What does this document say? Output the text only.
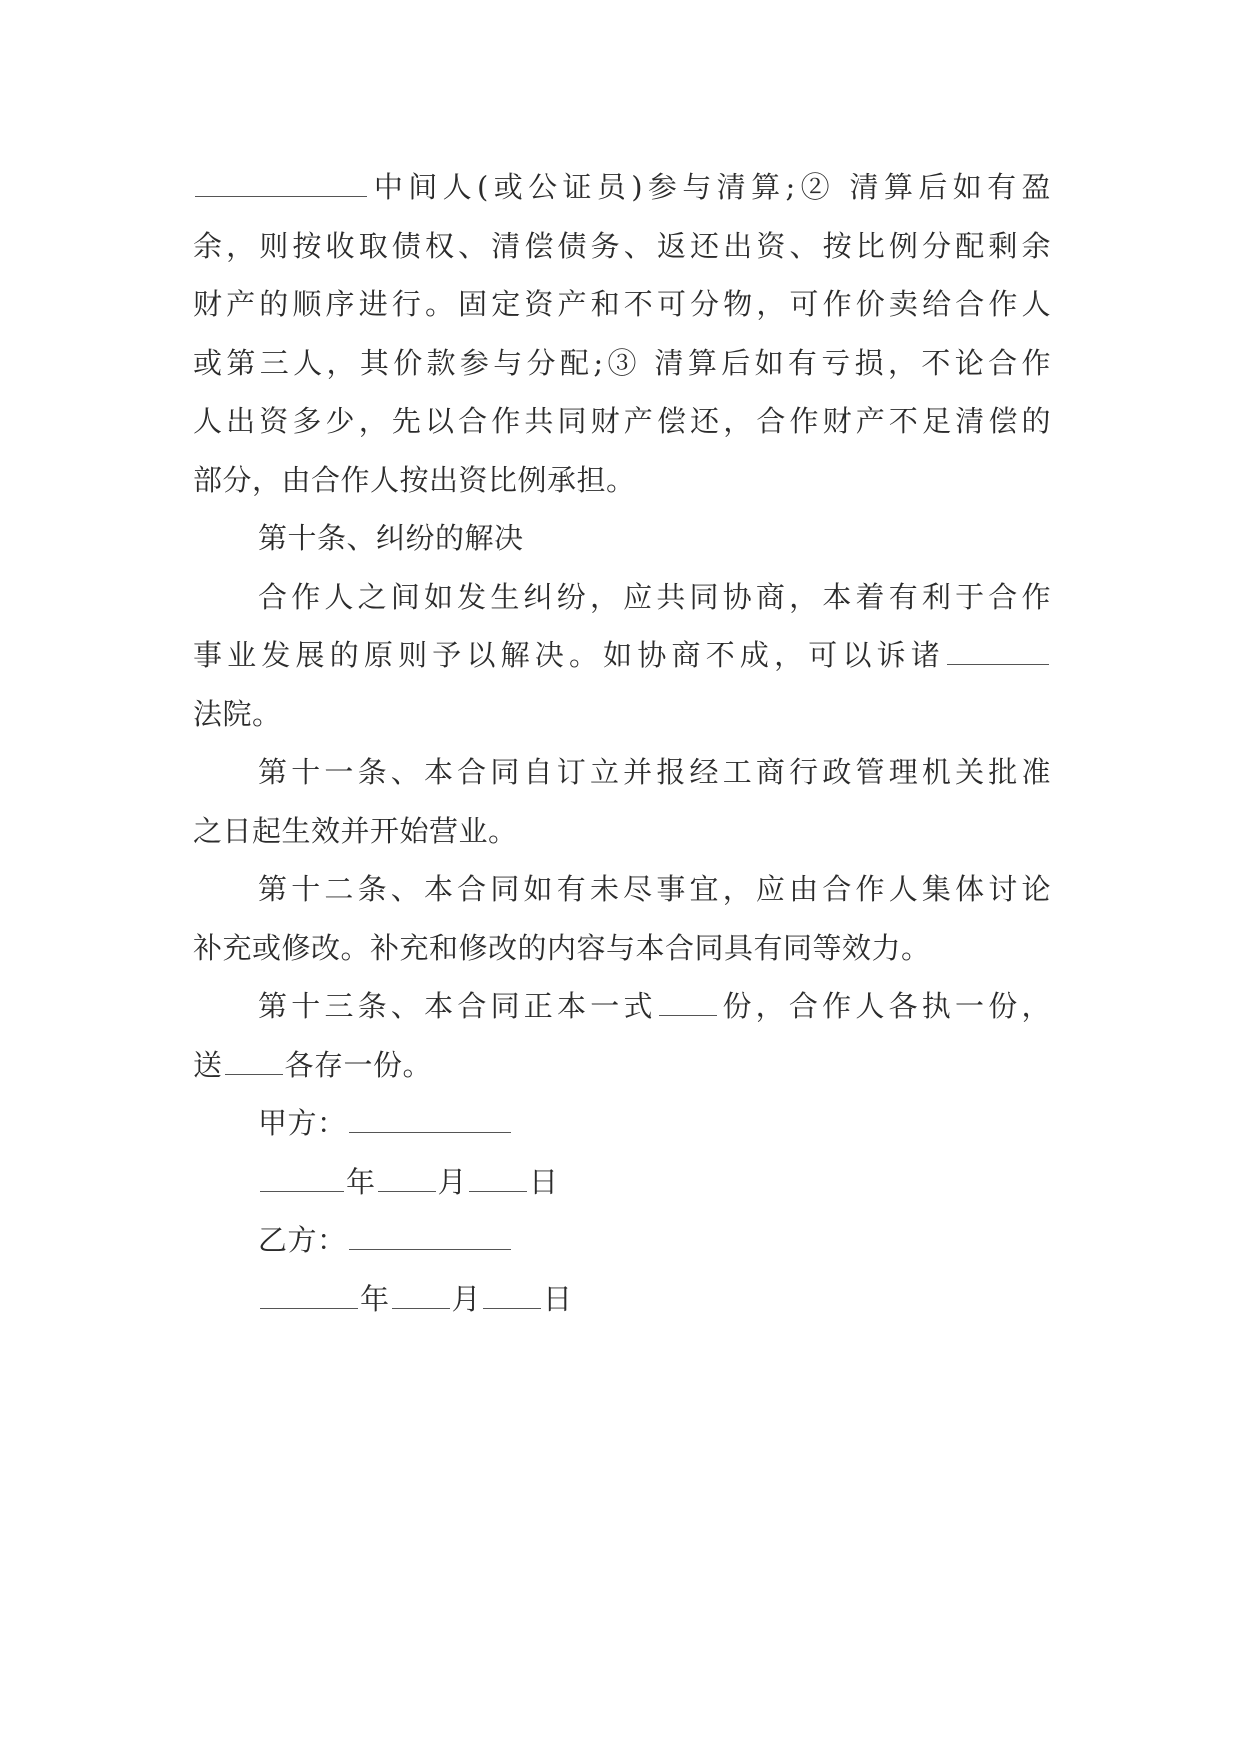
中间人(或公证员)参与清算;② 清算后如有盈
余，则按收取债权、清偿债务、返还出资、按比例分配剩余
财产的顺序进行。固定资产和不可分物，可作价卖给合作人
或第三人，其价款参与分配;③ 清算后如有亏损，不论合作
人出资多少，先以合作共同财产偿还，合作财产不足清偿的
部分，由合作人按出资比例承担。
第十条、纠纷的解决
合作人之间如发生纠纷，应共同协商，本着有利于合作
事业发展的原则予以解决。如协商不成，可以诉诸
法院。
第十一条、本合同自订立并报经工商行政管理机关批准
之日起生效并开始营业。
第十二条、本合同如有未尽事宜，应由合作人集体讨论
补充或修改。补充和修改的内容与本合同具有同等效力。
第十三条、本合同正本一式 份，合作人各执一份，
送 各存一份。
甲方：
年 月 日
乙方：
年 月 日
